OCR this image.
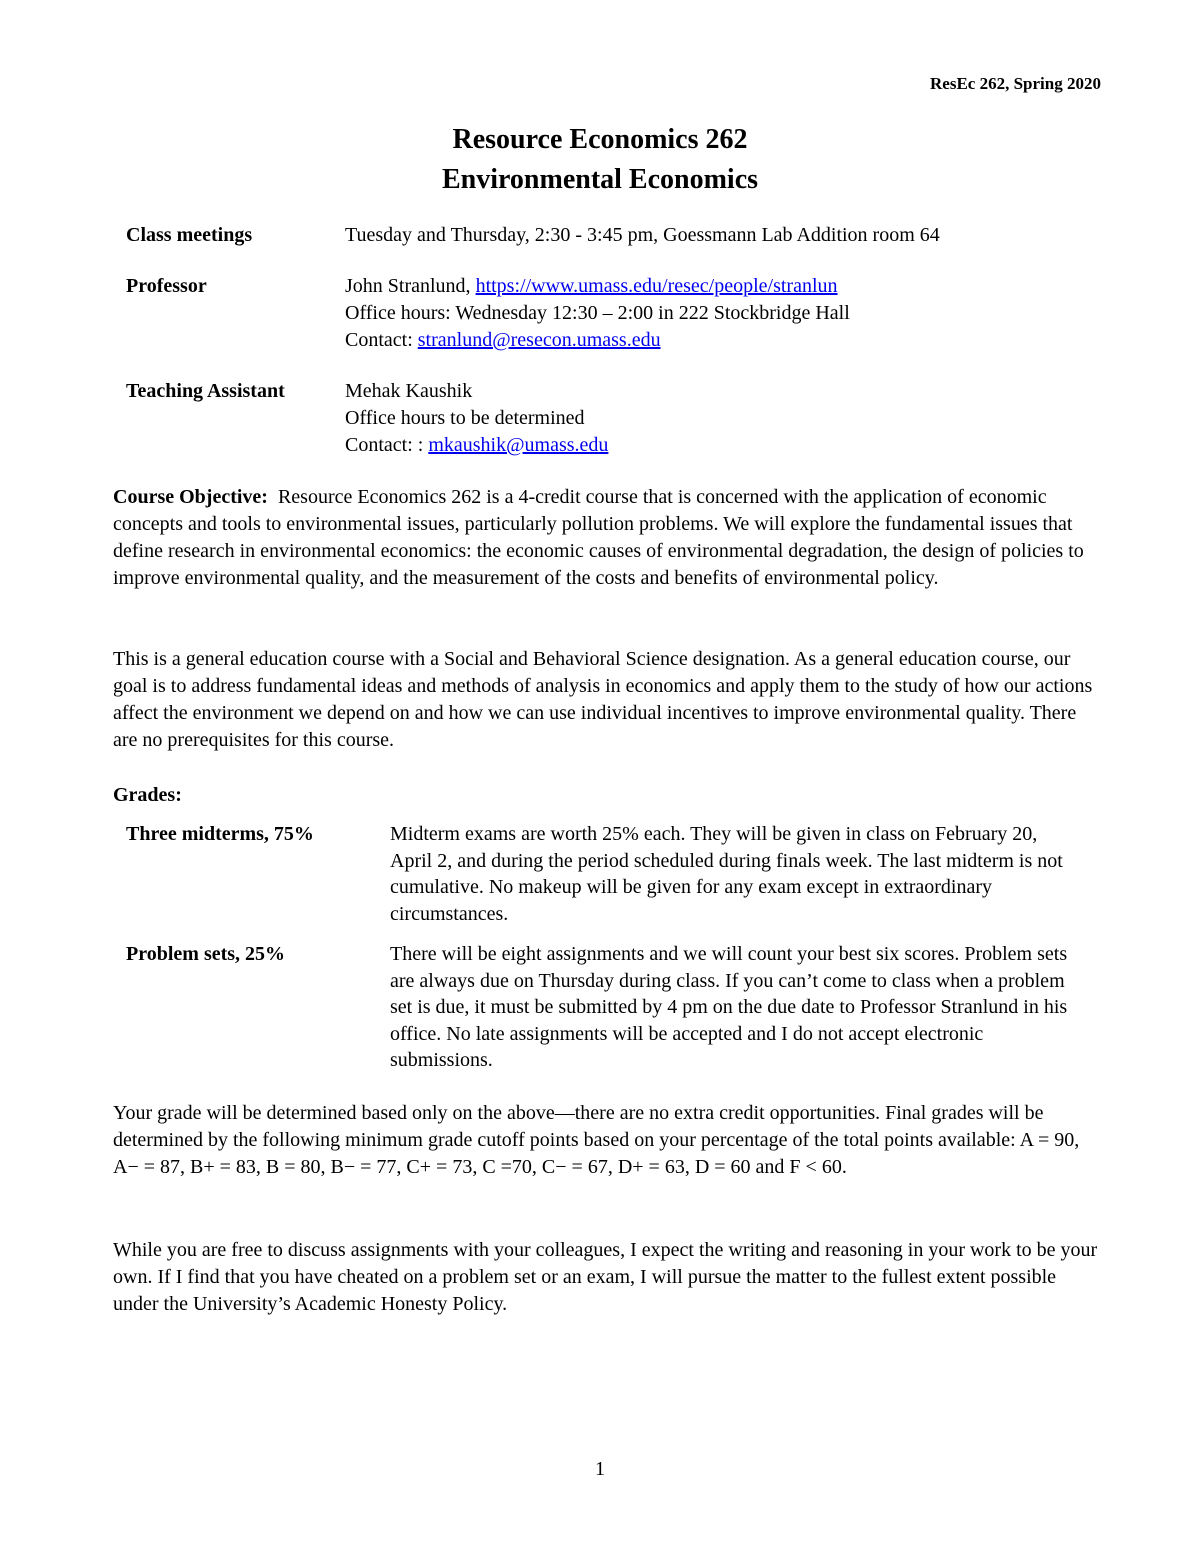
ResEc 262, Spring 2020
Resource Economics 262
Environmental Economics
Class meetings	Tuesday and Thursday, 2:30 - 3:45 pm, Goessmann Lab Addition room 64
Professor	John Stranlund, https://www.umass.edu/resec/people/stranlun
Office hours: Wednesday 12:30 – 2:00 in 222 Stockbridge Hall
Contact: stranlund@resecon.umass.edu
Teaching Assistant	Mehak Kaushik
Office hours to be determined
Contact: : mkaushik@umass.edu
Course Objective: Resource Economics 262 is a 4-credit course that is concerned with the application of economic concepts and tools to environmental issues, particularly pollution problems. We will explore the fundamental issues that define research in environmental economics: the economic causes of environmental degradation, the design of policies to improve environmental quality, and the measurement of the costs and benefits of environmental policy.
This is a general education course with a Social and Behavioral Science designation. As a general education course, our goal is to address fundamental ideas and methods of analysis in economics and apply them to the study of how our actions affect the environment we depend on and how we can use individual incentives to improve environmental quality. There are no prerequisites for this course.
Grades:
Three midterms, 75%	Midterm exams are worth 25% each. They will be given in class on February 20, April 2, and during the period scheduled during finals week. The last midterm is not cumulative. No makeup will be given for any exam except in extraordinary circumstances.
Problem sets, 25%	There will be eight assignments and we will count your best six scores. Problem sets are always due on Thursday during class. If you can’t come to class when a problem set is due, it must be submitted by 4 pm on the due date to Professor Stranlund in his office. No late assignments will be accepted and I do not accept electronic submissions.
Your grade will be determined based only on the above—there are no extra credit opportunities. Final grades will be determined by the following minimum grade cutoff points based on your percentage of the total points available: A = 90, A− = 87, B+ = 83, B = 80, B− = 77, C+ = 73, C =70, C− = 67, D+ = 63, D = 60 and F < 60.
While you are free to discuss assignments with your colleagues, I expect the writing and reasoning in your work to be your own. If I find that you have cheated on a problem set or an exam, I will pursue the matter to the fullest extent possible under the University’s Academic Honesty Policy.
1
